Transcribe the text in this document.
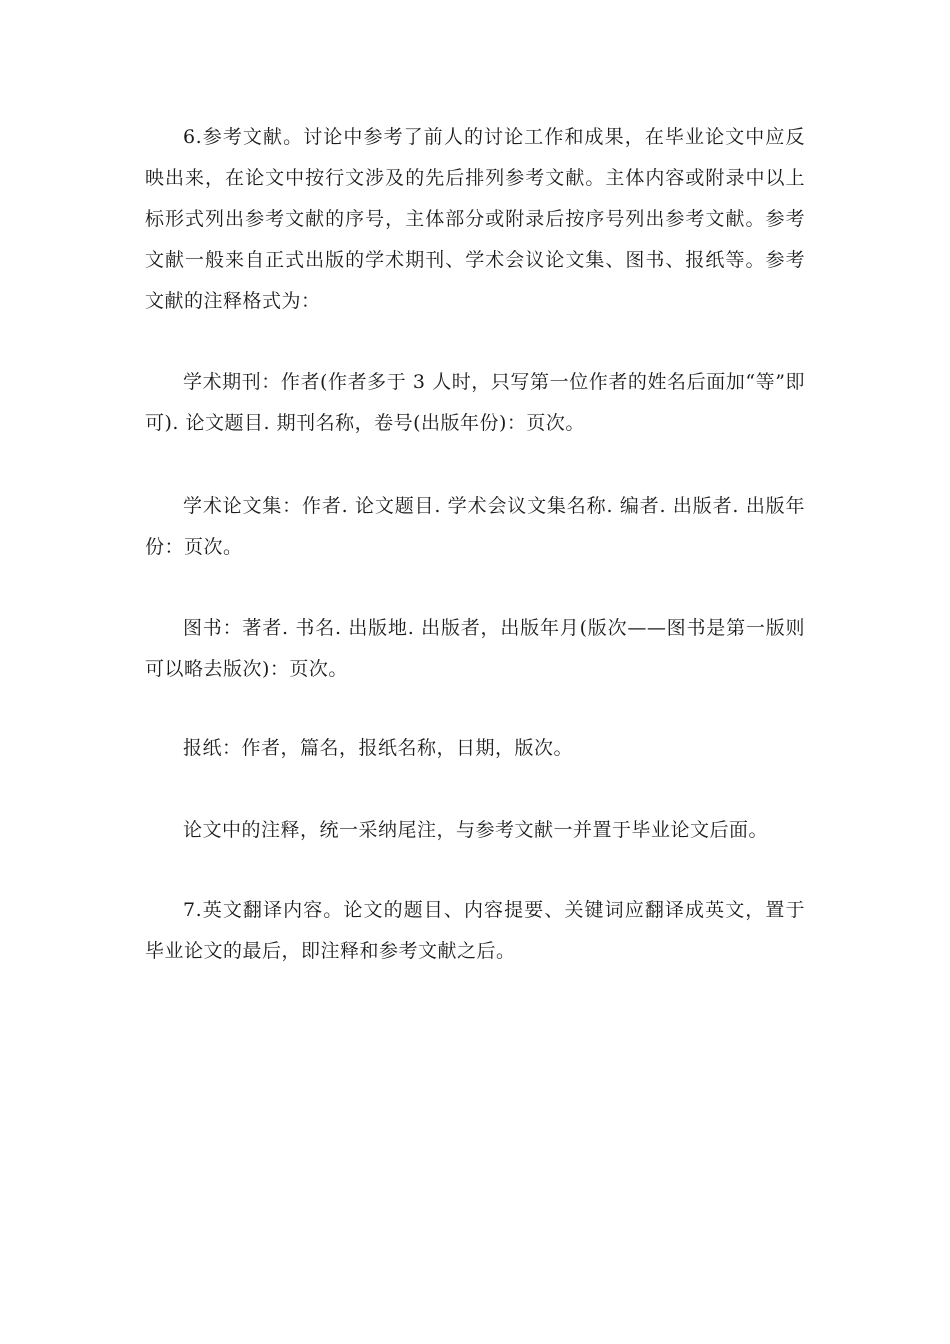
6.参考文献。讨论中参考了前人的讨论工作和成果，在毕业论文中应反映出来，在论文中按行文涉及的先后排列参考文献。主体内容或附录中以上标形式列出参考文献的序号，主体部分或附录后按序号列出参考文献。参考文献一般来自正式出版的学术期刊、学术会议论文集、图书、报纸等。参考文献的注释格式为：

学术期刊：作者(作者多于 3 人时，只写第一位作者的姓名后面加“等”即可). 论文题目. 期刊名称，卷号(出版年份)：页次。

学术论文集：作者. 论文题目. 学术会议文集名称. 编者. 出版者. 出版年份：页次。

图书：著者. 书名. 出版地. 出版者，出版年月(版次——图书是第一版则可以略去版次)：页次。

报纸：作者，篇名，报纸名称，日期，版次。

论文中的注释，统一采纳尾注，与参考文献一并置于毕业论文后面。

7.英文翻译内容。论文的题目、内容提要、关键词应翻译成英文，置于毕业论文的最后，即注释和参考文献之后。
